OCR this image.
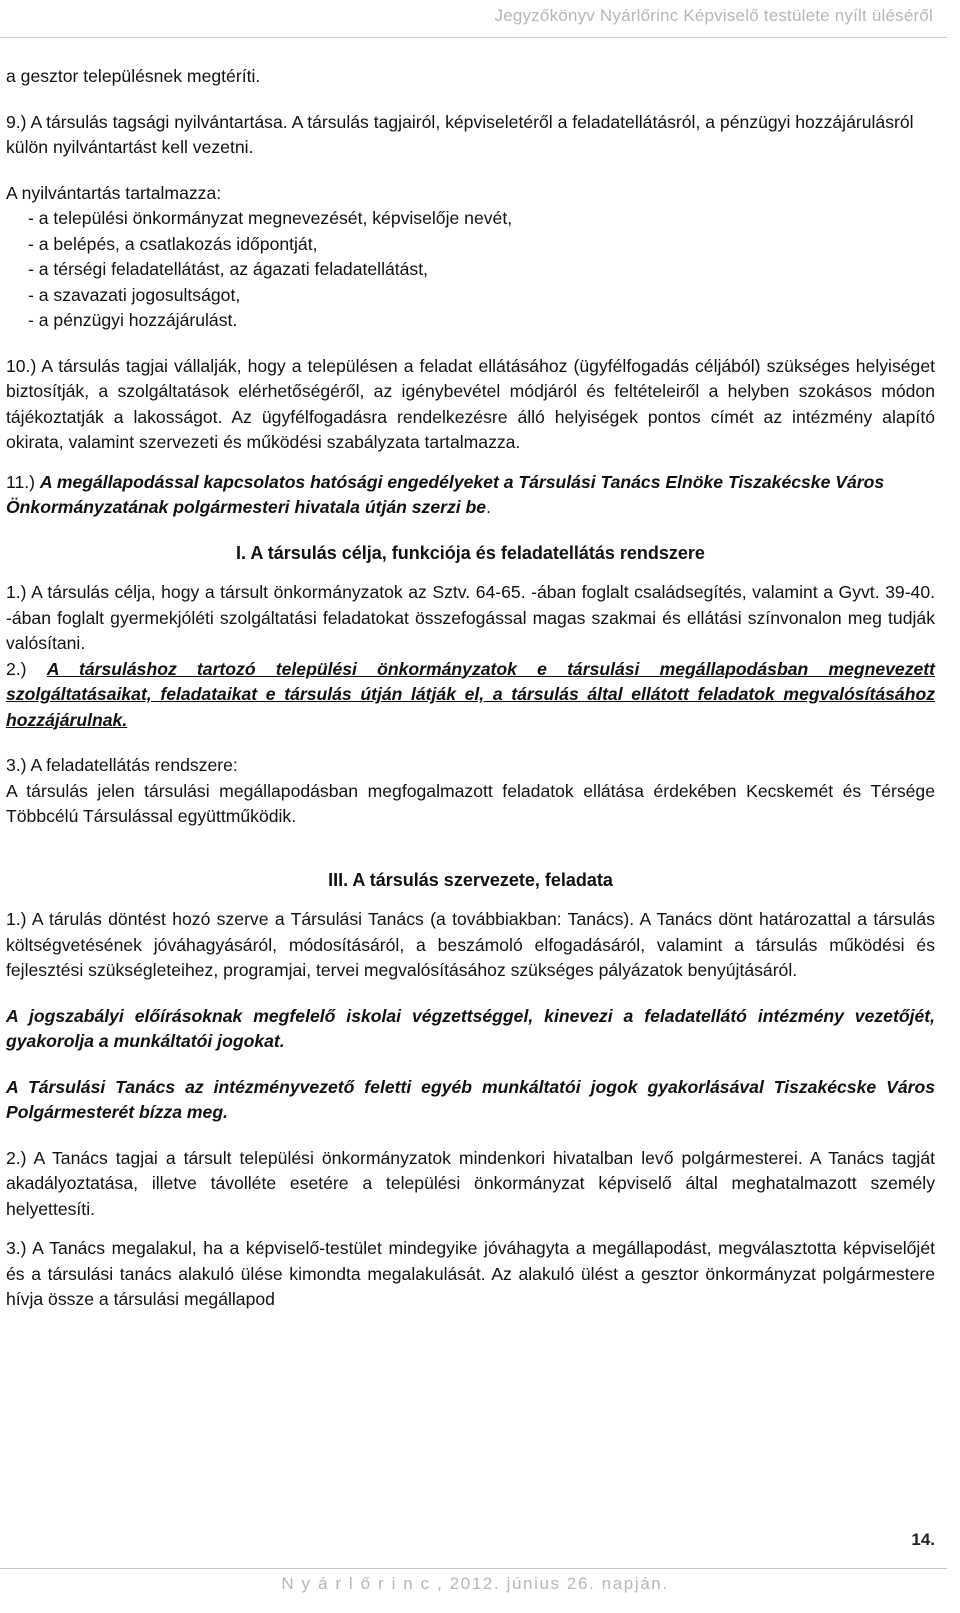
Jegyzőkönyv Nyárlőrinc Képviselő testülete nyílt üléséről

a gesztor településnek megtéríti.

9.) A társulás tagsági nyilvántartása. A társulás tagjairól, képviseletéről a feladatellátásról, a pénzügyi hozzájárulásról külön nyilvántartást kell vezetni.

A nyilvántartás tartalmazza:

- a települési önkormányzat megnevezését, képviselője nevét,
- a belépés, a csatlakozás időpontját,
- a térségi feladatellátást, az ágazati feladatellátást,
- a szavazati jogosultságot,
- a pénzügyi hozzájárulást.

10.) A társulás tagjai vállalják, hogy a településen a feladat ellátásához (ügyfélfogadás céljából) szükséges helyiséget biztosítják, a szolgáltatások elérhetőségéről, az igénybevétel módjáról és feltételeiről a helyben szokásos módon tájékoztatják a lakosságot. Az ügyfélfogadásra rendelkezésre álló helyiségek pontos címét az intézmény alapító okirata, valamint szervezeti és működési szabályzata tartalmazza.

11.) A megállapodással kapcsolatos hatósági engedélyeket a Társulási Tanács Elnöke Tiszakécske Város Önkormányzatának polgármesteri hivatala útján szerzi be.

I. A társulás célja, funkciója és feladatellátás rendszere

1.) A társulás célja, hogy a társult önkormányzatok az Sztv. 64-65. -ában foglalt családsegítés, valamint a Gyvt. 39-40. -ában foglalt gyermekjóléti szolgáltatási feladatokat összefogással magas szakmai és ellátási színvonalon meg tudják valósítani.

2.) A társuláshoz tartozó települési önkormányzatok e társulási megállapodásban megnevezett szolgáltatásaikat, feladataikat e társulás útján látják el, a társulás által ellátott feladatok megvalósításához hozzájárulnak.

3.) A feladatellátás rendszere:

A társulás jelen társulási megállapodásban megfogalmazott feladatok ellátása érdekében Kecskemét és Térsége Többcélú Társulással együttműködik.

III. A társulás szervezete, feladata

1.) A tárulás döntést hozó szerve a Társulási Tanács (a továbbiakban: Tanács). A Tanács dönt határozattal a társulás költségvetésének jóváhagyásáról, módosításáról, a beszámoló elfogadásáról, valamint a társulás működési és fejlesztési szükségleteihez, programjai, tervei megvalósításához szükséges pályázatok benyújtásáról.

A jogszabályi előírásoknak megfelelő iskolai végzettséggel, kinevezi a feladatellátó intézmény vezetőjét, gyakorolja a munkáltatói jogokat.

A Társulási Tanács az intézményvezető feletti egyéb munkáltatói jogok gyakorlásával Tiszakécske Város Polgármesterét bízza meg.

2.) A Tanács tagjai a társult települési önkormányzatok mindenkori hivatalban levő polgármesterei. A Tanács tagját akadályoztatása, illetve távolléte esetére a települési önkormányzat képviselő által meghatalmazott személy helyettesíti.

3.) A Tanács megalakul, ha a képviselő-testület mindegyike jóváhagyta a megállapodást, megválasztotta képviselőjét és a társulási tanács alakuló ülése kimondta megalakulását. Az alakuló ülést a gesztor önkormányzat polgármestere hívja össze a társulási megállapod

14.
N y á r l ő r i n c , 2012. június 26. napján.
